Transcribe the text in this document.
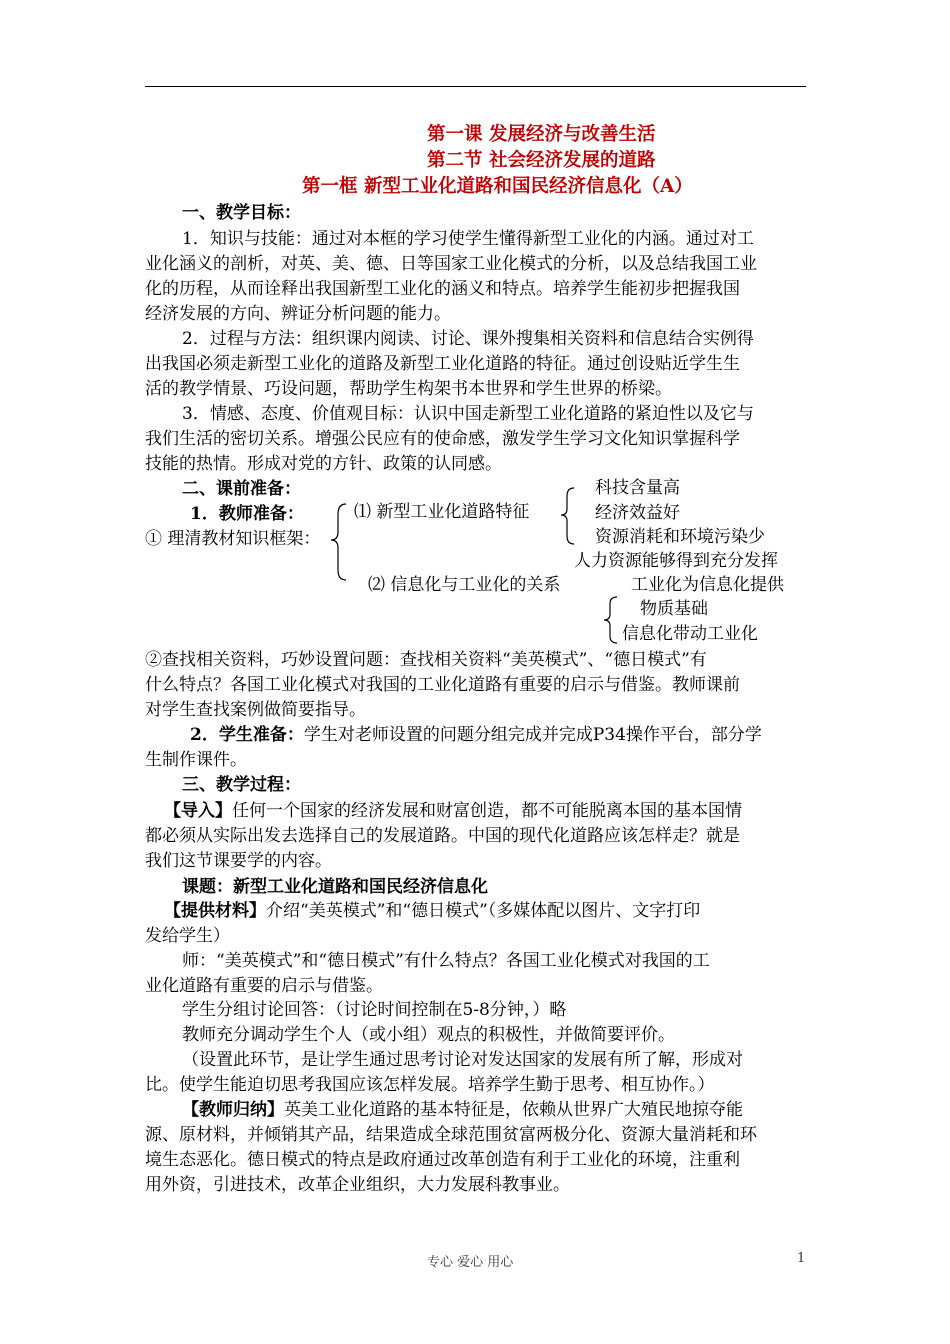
第一课 发展经济与改善生活
第二节 社会经济发展的道路
第一框 新型工业化道路和国民经济信息化（A）
一、教学目标：
1．知识与技能：通过对本框的学习使学生懂得新型工业化的内涵。通过对工
业化涵义的剖析，对英、美、德、日等国家工业化模式的分析，以及总结我国工业
化的历程，从而诠释出我国新型工业化的涵义和特点。培养学生能初步把握我国
经济发展的方向、辨证分析问题的能力。
2．过程与方法：组织课内阅读、讨论、课外搜集相关资料和信息结合实例得
出我国必须走新型工业化的道路及新型工业化道路的特征。通过创设贴近学生生
活的教学情景、巧设问题，帮助学生构架书本世界和学生世界的桥梁。
3．情感、态度、价值观目标：认识中国走新型工业化道路的紧迫性以及它与
我们生活的密切关系。增强公民应有的使命感，激发学生学习文化知识掌握科学
技能的热情。形成对党的方针、政策的认同感。
二、课前准备：
1．教师准备：
① 理清教材知识框架：
⑴ 新型工业化道路特征
科技含量高
经济效益好
资源消耗和环境污染少
人力资源能够得到充分发挥
⑵ 信息化与工业化的关系	工业化为信息化提供
物质基础
信息化带动工业化
②查找相关资料，巧妙设置问题：查找相关资料“美英模式”、“德日模式”有
什么特点？各国工业化模式对我国的工业化道路有重要的启示与借鉴。教师课前
对学生查找案例做简要指导。
2．学生准备：学生对老师设置的问题分组完成并完成P34操作平台，部分学
生制作课件。
三、教学过程：
【导入】任何一个国家的经济发展和财富创造，都不可能脱离本国的基本国情
都必须从实际出发去选择自己的发展道路。中国的现代化道路应该怎样走？就是
我们这节课要学的内容。
课题：新型工业化道路和国民经济信息化
【提供材料】介绍“美英模式”和“德日模式”（多媒体配以图片、文字打印
发给学生）
师：“美英模式”和“德日模式”有什么特点？各国工业化模式对我国的工
业化道路有重要的启示与借鉴。
学生分组讨论回答：（讨论时间控制在5-8分钟，）略
教师充分调动学生个人（或小组）观点的积极性，并做简要评价。
（设置此环节，是让学生通过思考讨论对发达国家的发展有所了解，形成对
比。使学生能迫切思考我国应该怎样发展。培养学生勤于思考、相互协作。）
【教师归纳】英美工业化道路的基本特征是，依赖从世界广大殖民地掠夺能
源、原材料，并倾销其产品，结果造成全球范围贫富两极分化、资源大量消耗和环
境生态恶化。德日模式的特点是政府通过改革创造有利于工业化的环境，注重利
用外资，引进技术，改革企业组织，大力发展科教事业。
专心 爱心 用心	1
